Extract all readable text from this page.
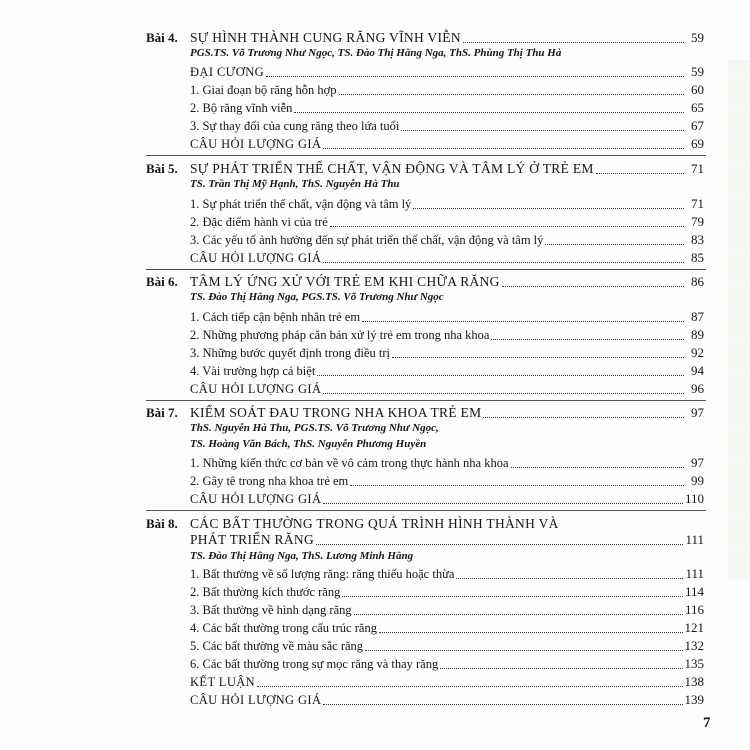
Bài 4. SỰ HÌNH THÀNH CUNG RĂNG VĨNH VIỄN	59
PGS.TS. Võ Trương Như Ngọc, TS. Đào Thị Hằng Nga, ThS. Phùng Thị Thu Hà
ĐẠI CƯƠNG	59
1. Giai đoạn bộ răng hỗn hợp	60
2. Bộ răng vĩnh viễn	65
3. Sự thay đổi của cung răng theo lứa tuổi	67
CÂU HỎI LƯỢNG GIÁ	69
Bài 5. SỰ PHÁT TRIỂN THỂ CHẤT, VẬN ĐỘNG VÀ TÂM LÝ Ở TRẺ EM	71
TS. Trần Thị Mỹ Hạnh, ThS. Nguyễn Hà Thu
1. Sự phát triển thể chất, vận động và tâm lý	71
2. Đặc điểm hành vi của trẻ	79
3. Các yếu tố ảnh hưởng đến sự phát triển thể chất, vận động và tâm lý	83
CÂU HỎI LƯỢNG GIÁ	85
Bài 6. TÂM LÝ ỨNG XỬ VỚI TRẺ EM KHI CHỮA RĂNG	86
TS. Đào Thị Hằng Nga, PGS.TS. Võ Trương Như Ngọc
1. Cách tiếp cận bệnh nhân trẻ em	87
2. Những phương pháp căn bản xử lý trẻ em trong nha khoa	89
3. Những bước quyết định trong điều trị	92
4. Vài trường hợp cá biệt	94
CÂU HỎI LƯỢNG GIÁ	96
Bài 7. KIỂM SOÁT ĐAU TRONG NHA KHOA TRẺ EM	97
ThS. Nguyễn Hà Thu, PGS.TS. Võ Trương Như Ngọc,
TS. Hoàng Văn Bách, ThS. Nguyễn Phương Huyền
1. Những kiến thức cơ bản về vô cảm trong thực hành nha khoa	97
2. Gây tê trong nha khoa trẻ em	99
CÂU HỎI LƯỢNG GIÁ	110
Bài 8. CÁC BẤT THƯỜNG TRONG QUÁ TRÌNH HÌNH THÀNH VÀ
PHÁT TRIỂN RĂNG	111
TS. Đào Thị Hằng Nga, ThS. Lương Minh Hằng
1. Bất thường về số lượng răng: răng thiếu hoặc thừa	111
2. Bất thường kích thước răng	114
3. Bất thường về hình dạng răng	116
4. Các bất thường trong cấu trúc răng	121
5. Các bất thường về màu sắc răng	132
6. Các bất thường trong sự mọc răng và thay răng	135
KẾT LUẬN	138
CÂU HỎI LƯỢNG GIÁ	139
7
